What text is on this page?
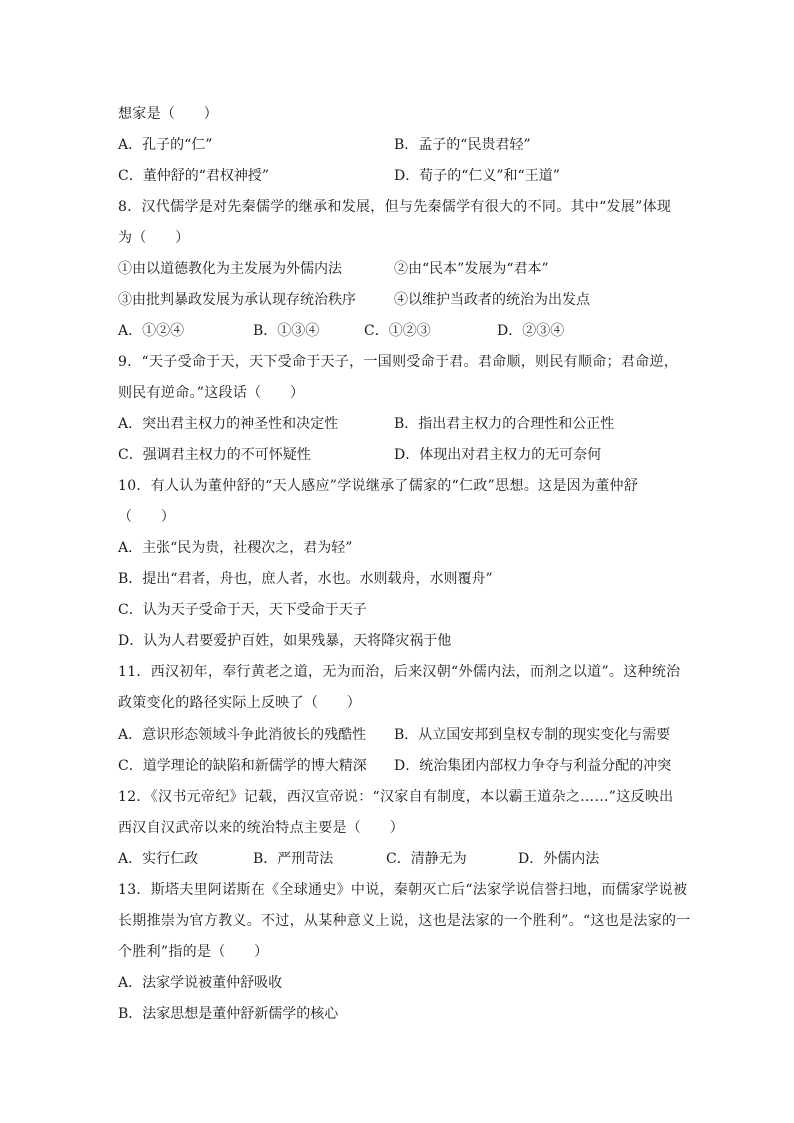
想家是（　　）
A．孔子的“仁”	B．孟子的“民贵君轻”
C．董仲舒的“君权神授”	D．荀子的“仁义”和“王道”
8．汉代儒学是对先秦儒学的继承和发展，但与先秦儒学有很大的不同。其中“发展”体现
为（　　）
①由以道德教化为主发展为外儒内法	②由“民本”发展为“君本”
③由批判暴政发展为承认现存统治秩序	④以维护当政者的统治为出发点
A．①②④	B．①③④	C．①②③	D．②③④
9．“天子受命于天，天下受命于天子，一国则受命于君。君命顺，则民有顺命；君命逆，
则民有逆命。”这段话（　　）
A．突出君主权力的神圣性和决定性	B．指出君主权力的合理性和公正性
C．强调君主权力的不可怀疑性	D．体现出对君主权力的无可奈何
10．有人认为董仲舒的“天人感应”学说继承了儒家的“仁政”思想。这是因为董仲舒
（　　）
A．主张“民为贵，社稷次之，君为轻”
B．提出“君者，舟也，庶人者，水也。水则载舟，水则覆舟”
C．认为天子受命于天，天下受命于天子
D．认为人君要爱护百姓，如果残暴，天将降灾祸于他
11．西汉初年，奉行黄老之道，无为而治，后来汉朝“外儒内法，而剂之以道”。这种统治
政策变化的路径实际上反映了（　　）
A．意识形态领域斗争此消彼长的残酷性 B．从立国安邦到皇权专制的现实变化与需要
C．道学理论的缺陷和新儒学的博大精深 D．统治集团内部权力争夺与利益分配的冲突
12．《汉书元帝纪》记载，西汉宣帝说：“汉家自有制度，本以霸王道杂之……”这反映出
西汉自汉武帝以来的统治特点主要是（　　）
A．实行仁政	B．严刑苛法	C．清静无为	D．外儒内法
13．斯塔夫里阿诺斯在《全球通史》中说，秦朝灭亡后“法家学说信誉扫地，而儒家学说被
长期推崇为官方教义。不过，从某种意义上说，这也是法家的一个胜利”。“这也是法家的一
个胜利”指的是（　　）
A．法家学说被董仲舒吸收
B．法家思想是董仲舒新儒学的核心
